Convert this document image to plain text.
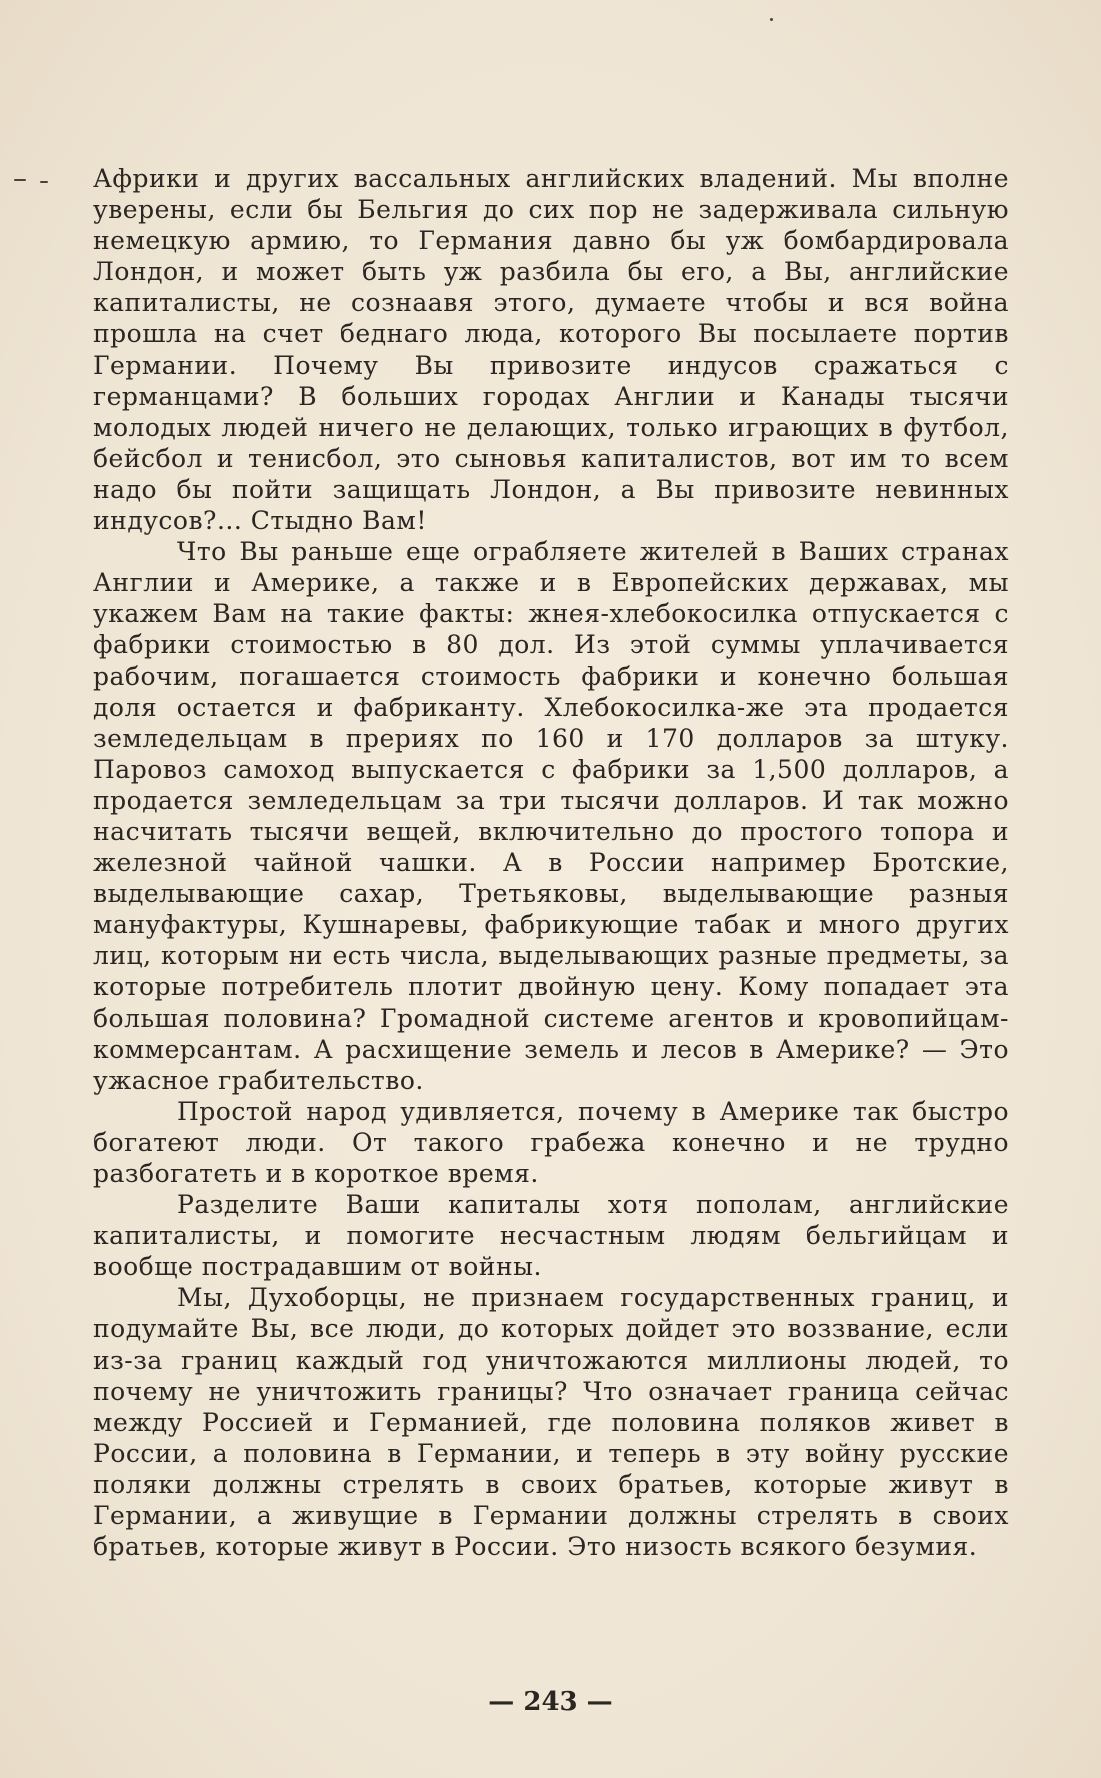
Африки и других вассальных английских владений. Мы вполне уверены, если бы Бельгия до сих пор не задерживала сильную немецкую армию, то Германия давно бы уж бомбардировала Лондон, и может быть уж разбила бы его, а Вы, английские капиталисты, не сознаавя этого, думаете чтобы и вся война прошла на счет беднаго люда, которого Вы посылаете портив Германии. Почему Вы привозите индусов сражаться с германцами? В больших городах Англии и Канады тысячи молодых людей ничего не делающих, только играющих в футбол, бейсбол и тенисбол, это сыновья капиталистов, вот им то всем надо бы пойти защищать Лондон, а Вы привозите невинных индусов?... Стыдно Вам!

Что Вы раньше еще ограбляете жителей в Ваших странах Англии и Америке, а также и в Европейских державах, мы укажем Вам на такие факты: жнея-хлебокосилка отпускается с фабрики стоимостью в 80 дол. Из этой суммы уплачивается рабочим, погашается стоимость фабрики и конечно большая доля остается и фабриканту. Хлебокосилка-же эта продается земледельцам в прериях по 160 и 170 долларов за штуку. Паровоз самоход выпускается с фабрики за 1,500 долларов, а продается земледельцам за три тысячи долларов. И так можно насчитать тысячи вещей, включительно до простого топора и железной чайной чашки. А в России например Бротские, выделывающие сахар, Третьяковы, выделывающие разныя мануфактуры, Кушнаревы, фабрикующие табак и много других лиц, которым ни есть числа, выделывающих разные предметы, за которые потребитель плотит двойную цену. Кому попадает эта большая половина? Громадной системе агентов и кровопийцам-коммерсантам. А расхищение земель и лесов в Америке? — Это ужасное грабительство.

Простой народ удивляется, почему в Америке так быстро богатеют люди. От такого грабежа конечно и не трудно разбогатеть и в короткое время.

Разделите Ваши капиталы хотя пополам, английские капиталисты, и помогите несчастным людям бельгийцам и вообще пострадавшим от войны.

Мы, Духоборцы, не признаем государственных границ, и подумайте Вы, все люди, до которых дойдет это воззвание, если из-за границ каждый год уничтожаются миллионы людей, то почему не уничтожить границы? Что означает граница сейчас между Россией и Германией, где половина поляков живет в России, а половина в Германии, и теперь в эту войну русские поляки должны стрелять в своих братьев, которые живут в Германии, а живущие в Германии должны стрелять в своих братьев, которые живут в России. Это низость всякого безумия.

— 243 —
